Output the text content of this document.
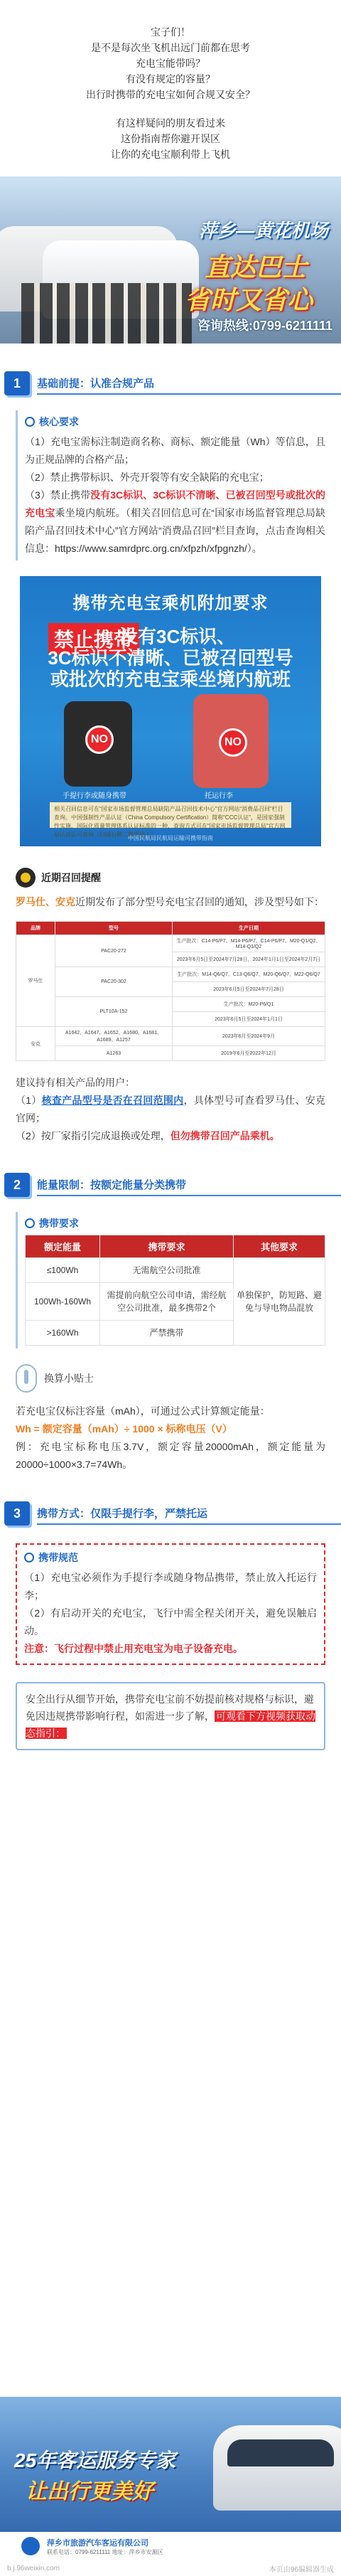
宝子们！

是不是每次坐飞机出远门前都在思考

充电宝能带吗？

有没有规定的容量？

出行时携带的充电宝如何合规又安全？

有这样疑问的朋友看过来

这份指南帮你避开误区

让你的充电宝顺利带上飞机

萍乡—黄花机场
直达巴士
省时又省心
咨询热线:0799-6211111
1	基础前提：认准合规产品
核心要求

（1）充电宝需标注制造商名称、商标、额定能量（Wh）等信息，且为正规品牌的合格产品；

（2）禁止携带标识、外壳开裂等有安全缺陷的充电宝；

（3）禁止携带没有3C标识、3C标识不清晰、已被召回型号或批次的充电宝乘坐境内航班。（相关召回信息可在“国家市场监督管理总局缺陷产品召回技术中心”官方网站“消费品召回”栏目查询，点击查询相关信息：https://www.samrdprc.org.cn/xfpzh/xfpgnzh/）。

携带充电宝乘机附加要求
禁止携带
没有3C标识、
3C标识不清晰、已被召回型号
或批次的充电宝乘坐境内航班
NO	NO
手提行李或随身携带	托运行李
相关召回信息可在“国家市场监督管理总局缺陷产品召回技术中心”官方网站“消费品召回”栏目查询。中国强制性产品认证（China Compulsory Certification）简称“CCC认证”，是国家强制性实施，国际化质量管理体系认证标准的一种，查询方式可在“国家市场监督管理总局”官方网站认证认可查询（扫描右侧二维码进入）
中国民航局民航局运输司携带指南
近期召回提醒

罗马仕、安克近期发布了部分型号充电宝召回的通知，涉及型号如下：

品牌	型号	生产日期
罗马仕	PAC20-272	生产批次：C14-P6/P7、M14-P6/P7、C14-P6/P7、M20-Q1/Q2、M14-Q1/Q2
		2023年6月5日至2024年7月28日，2024年1月1日至2024年2月7日
	PAC20-302	生产批次：M14-Q6/Q7、C13-Q6/Q7、M20-Q6/Q7、M22-Q6/Q7
		2023年6月5日至2024年7月28日
	PLT10A-152	生产批次：M20-P6/Q1
		2023年6月5日至2024年1月1日
安克	A1642、A1647、A1652、A1680、A1681、A1689、A1257	2023年6月至2024年9月
	A1263	2019年6月至2022年12月

建议持有相关产品的用户：

（1）核查产品型号是否在召回范围内，具体型号可查看罗马仕、安克官网；

（2）按厂家指引完成退换或处理，但勿携带召回产品乘机。

2	能量限制：按额定能量分类携带
携带要求
额定能量	携带要求	其他要求
≤100Wh	无需航空公司批准	单独保护，防短路、避免与导电物品混放
100Wh-160Wh	需提前向航空公司申请，需经航空公司批准，最多携带2个	
>160Wh	严禁携带	
换算小贴士

若充电宝仅标注容量（mAh），可通过公式计算额定能量：

Wh = 额定容量（mAh）÷ 1000 × 标称电压（V）

例：充电宝标称电压3.7V，额定容量20000mAh，额定能量为 20000÷1000×3.7=74Wh。

3	携带方式：仅限手提行李，严禁托运
携带规范

（1）充电宝必须作为手提行李或随身物品携带，禁止放入托运行李；

（2）有启动开关的充电宝，飞行中需全程关闭开关，避免误触启动。

注意：飞行过程中禁止用充电宝为电子设备充电。

安全出行从细节开始，携带充电宝前不妨提前核对规格与标识，避免因违规携带影响行程，如需进一步了解， 可观看下方视频获取动态指引：
25年客运服务专家
让出行更美好
萍乡市旅游汽车客运有限公司
联系电话：0799-6211111 地址：萍乡市安源区
b.j.96weixin.com	本页由96编辑器生成
